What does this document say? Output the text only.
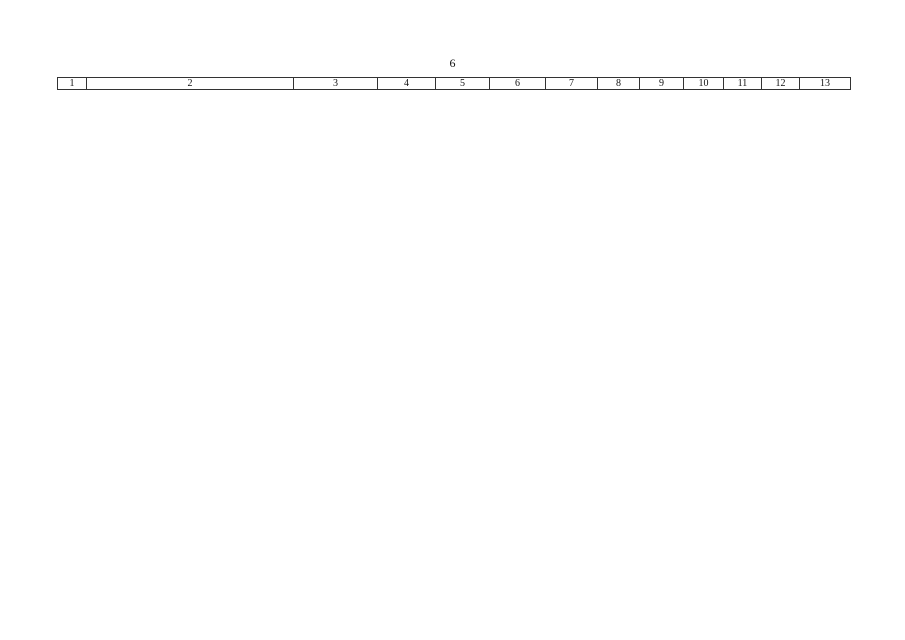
6
1	2	3	4	5	6	7	8	9	10	11	12	13
